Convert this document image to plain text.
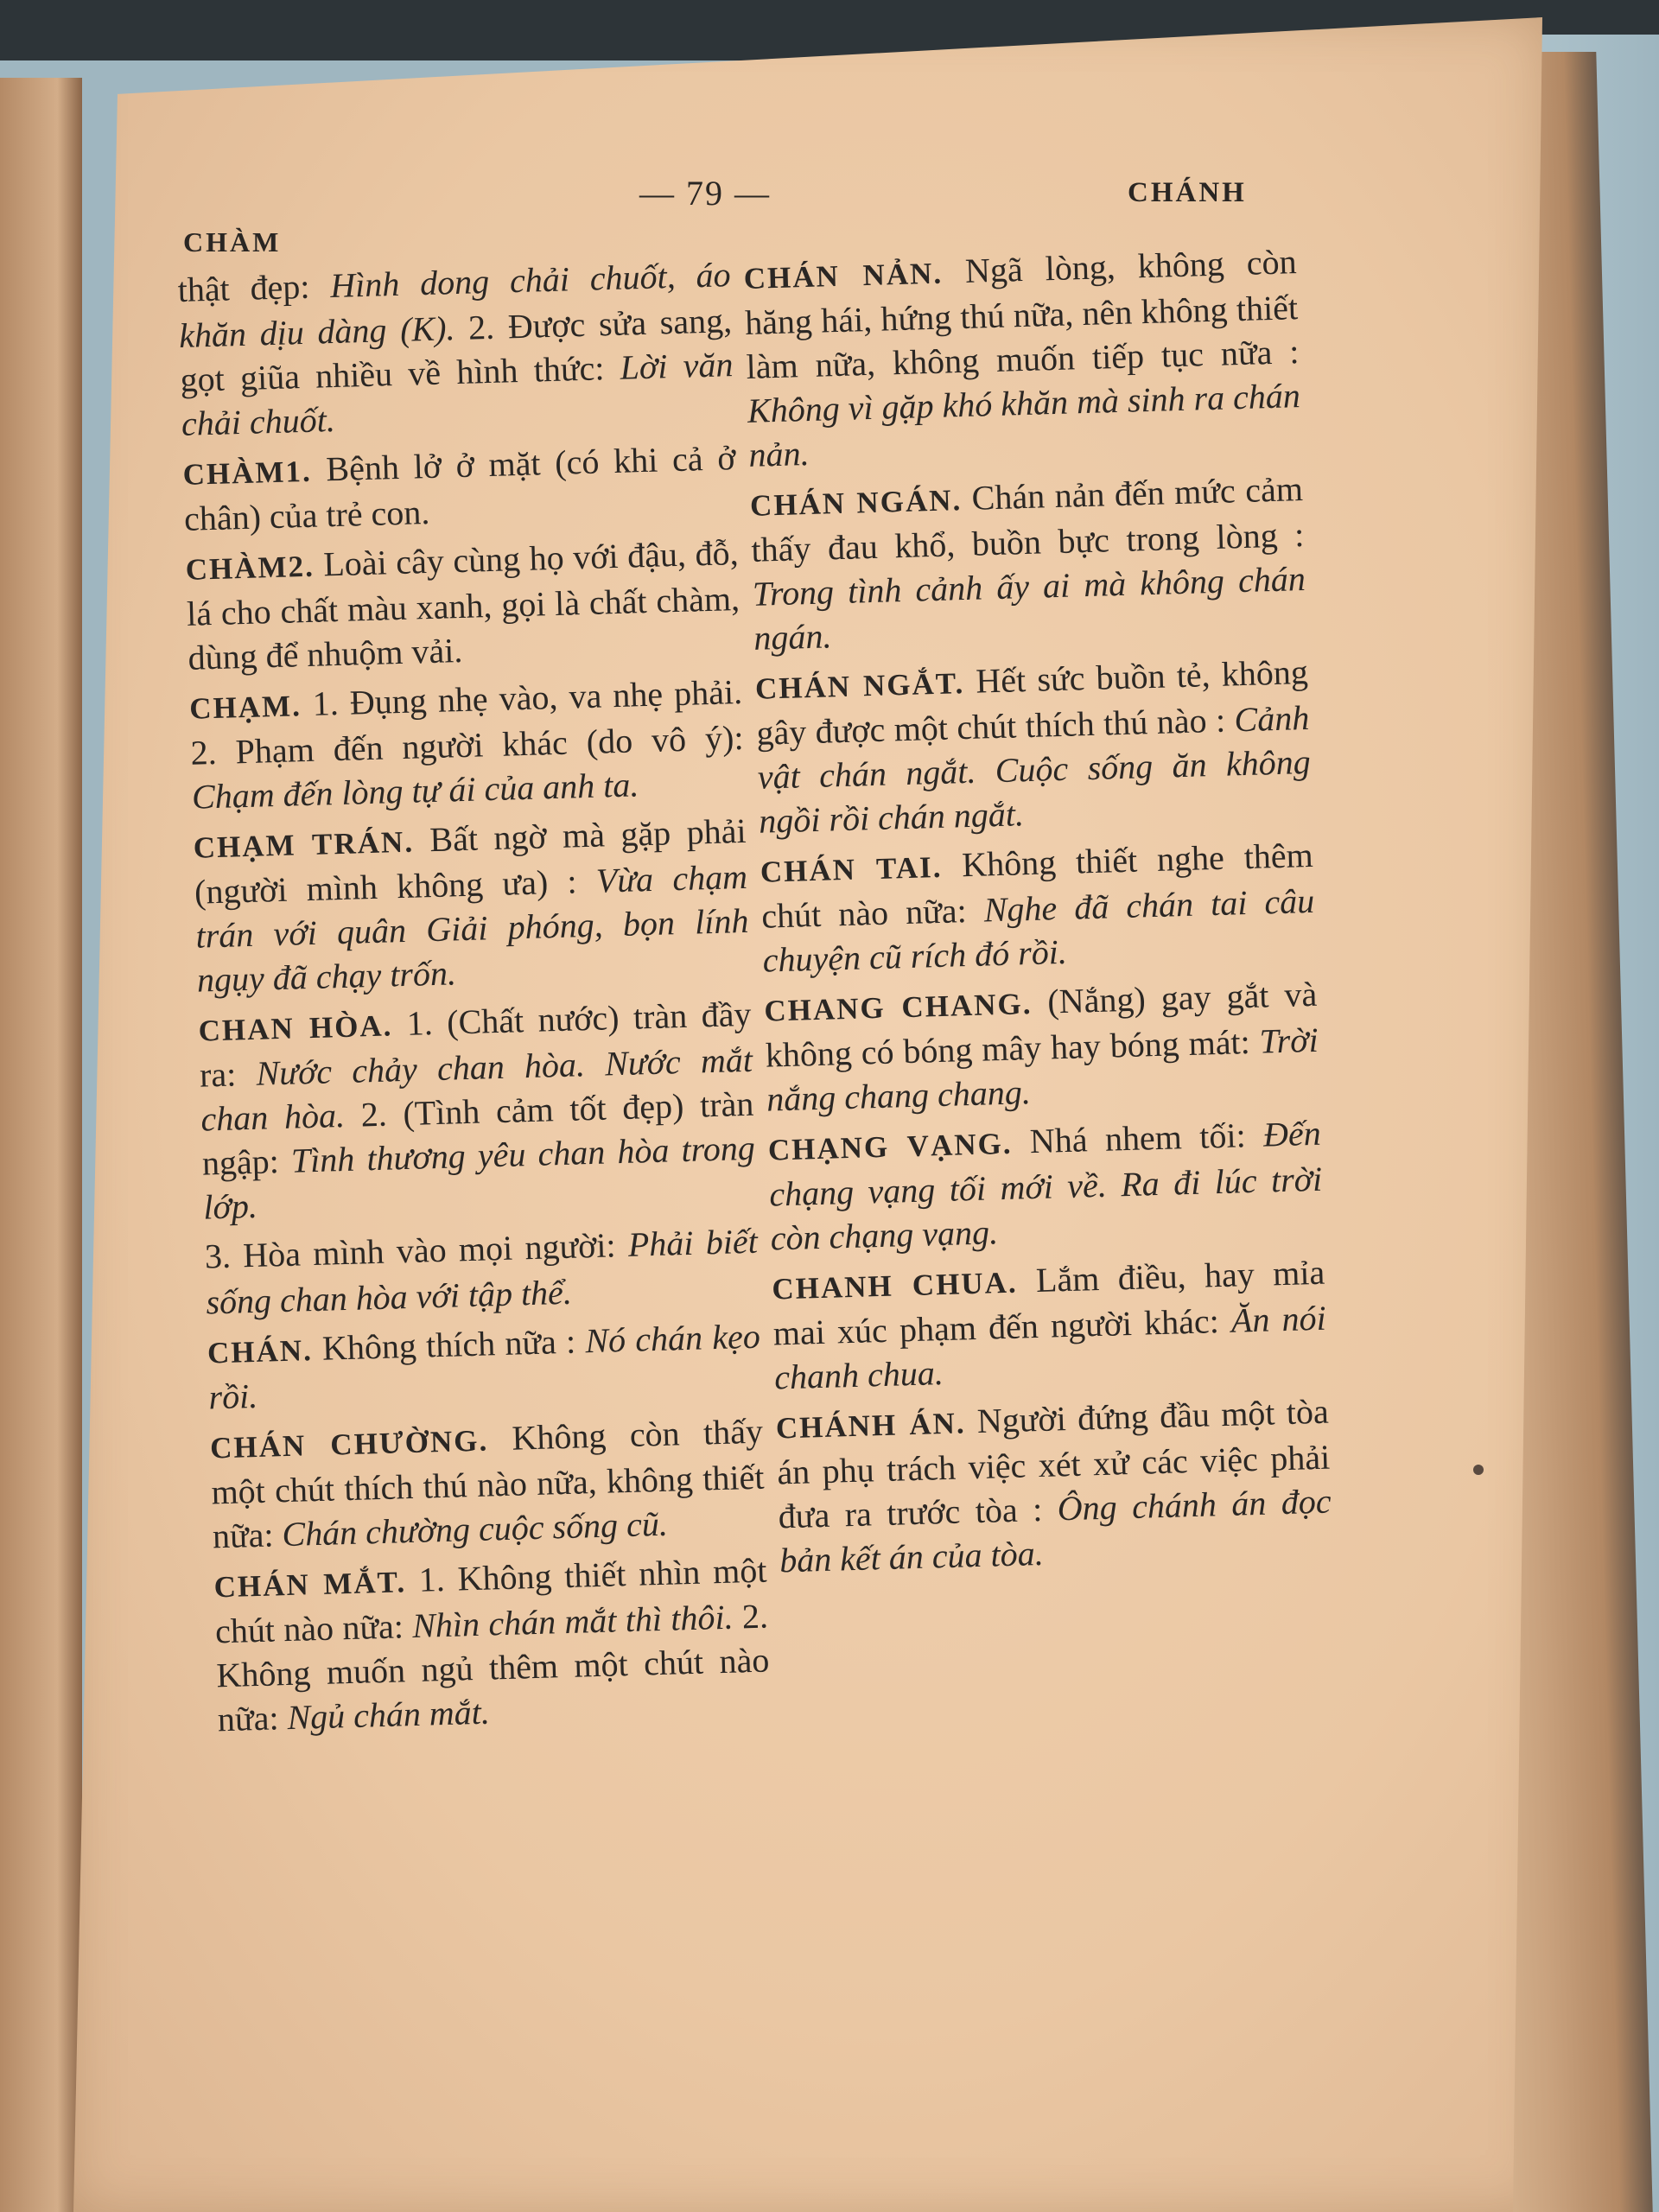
— 79 —
CHÀM
CHÁNH
thật đẹp: Hình dong chải chuốt, áo khăn dịu dàng (K). 2. Được sửa sang, gọt giũa nhiều về hình thức: Lời văn chải chuốt.
CHÀM1. Bệnh lở ở mặt (có khi cả ở chân) của trẻ con.
CHÀM2. Loài cây cùng họ với đậu, đỗ, lá cho chất màu xanh, gọi là chất chàm, dùng để nhuộm vải.
CHẠM. 1. Đụng nhẹ vào, va nhẹ phải. 2. Phạm đến người khác (do vô ý): Chạm đến lòng tự ái của anh ta.
CHẠM TRÁN. Bất ngờ mà gặp phải (người mình không ưa) : Vừa chạm trán với quân Giải phóng, bọn lính ngụy đã chạy trốn.
CHAN HÒA. 1. (Chất nước) tràn đầy ra: Nước chảy chan hòa. Nước mắt chan hòa. 2. (Tình cảm tốt đẹp) tràn ngập: Tình thương yêu chan hòa trong lớp.
3. Hòa mình vào mọi người: Phải biết sống chan hòa với tập thể.
CHÁN. Không thích nữa : Nó chán kẹo rồi.
CHÁN CHƯỜNG. Không còn thấy một chút thích thú nào nữa, không thiết nữa: Chán chường cuộc sống cũ.
CHÁN MẮT. 1. Không thiết nhìn một chút nào nữa: Nhìn chán mắt thì thôi. 2. Không muốn ngủ thêm một chút nào nữa: Ngủ chán mắt.
CHÁN NẢN. Ngã lòng, không còn hăng hái, hứng thú nữa, nên không thiết làm nữa, không muốn tiếp tục nữa : Không vì gặp khó khăn mà sinh ra chán nản.
CHÁN NGÁN. Chán nản đến mức cảm thấy đau khổ, buồn bực trong lòng : Trong tình cảnh ấy ai mà không chán ngán.
CHÁN NGẮT. Hết sức buồn tẻ, không gây được một chút thích thú nào : Cảnh vật chán ngắt. Cuộc sống ăn không ngồi rồi chán ngắt.
CHÁN TAI. Không thiết nghe thêm chút nào nữa: Nghe đã chán tai câu chuyện cũ rích đó rồi.
CHANG CHANG. (Nắng) gay gắt và không có bóng mây hay bóng mát: Trời nắng chang chang.
CHẠNG VẠNG. Nhá nhem tối: Đến chạng vạng tối mới về. Ra đi lúc trời còn chạng vạng.
CHANH CHUA. Lắm điều, hay mỉa mai xúc phạm đến người khác: Ăn nói chanh chua.
CHÁNH ÁN. Người đứng đầu một tòa án phụ trách việc xét xử các việc phải đưa ra trước tòa : Ông chánh án đọc bản kết án của tòa.
